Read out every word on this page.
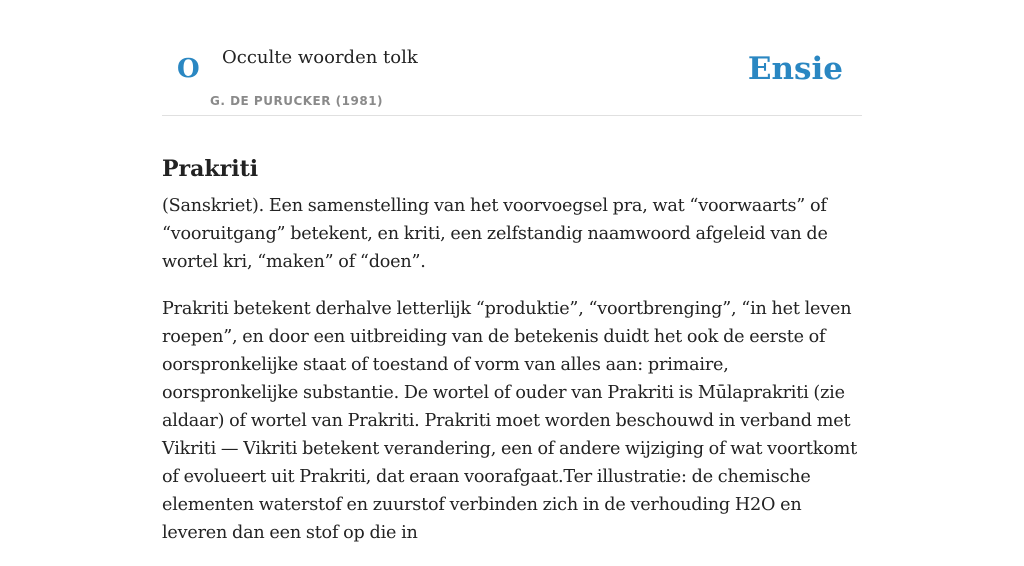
O Occulte woorden tolk
G. DE PURUCKER (1981)
Ensie
Prakriti

(Sanskriet). Een samenstelling van het voorvoegsel pra, wat “voorwaarts” of “vooruitgang” betekent, en kriti, een zelfstandig naamwoord afgeleid van de wortel kri, “maken” of “doen”.

Prakriti betekent derhalve letterlijk “produktie”, “voortbrenging”, “in het leven roepen”, en door een uitbreiding van de betekenis duidt het ook de eerste of oorspronkelijke staat of toestand of vorm van alles aan: primaire, oorspronkelijke substantie. De wortel of ouder van Prakriti is Mūlaprakriti (zie aldaar) of wortel van Prakriti. Prakriti moet worden beschouwd in verband met Vikriti — Vikriti betekent verandering, een of andere wijziging of wat voortkomt of evolueert uit Prakriti, dat eraan voorafgaat.Ter illustratie: de chemische elementen waterstof en zuurstof verbinden zich in de verhouding H2O en leveren dan een stof op die in
